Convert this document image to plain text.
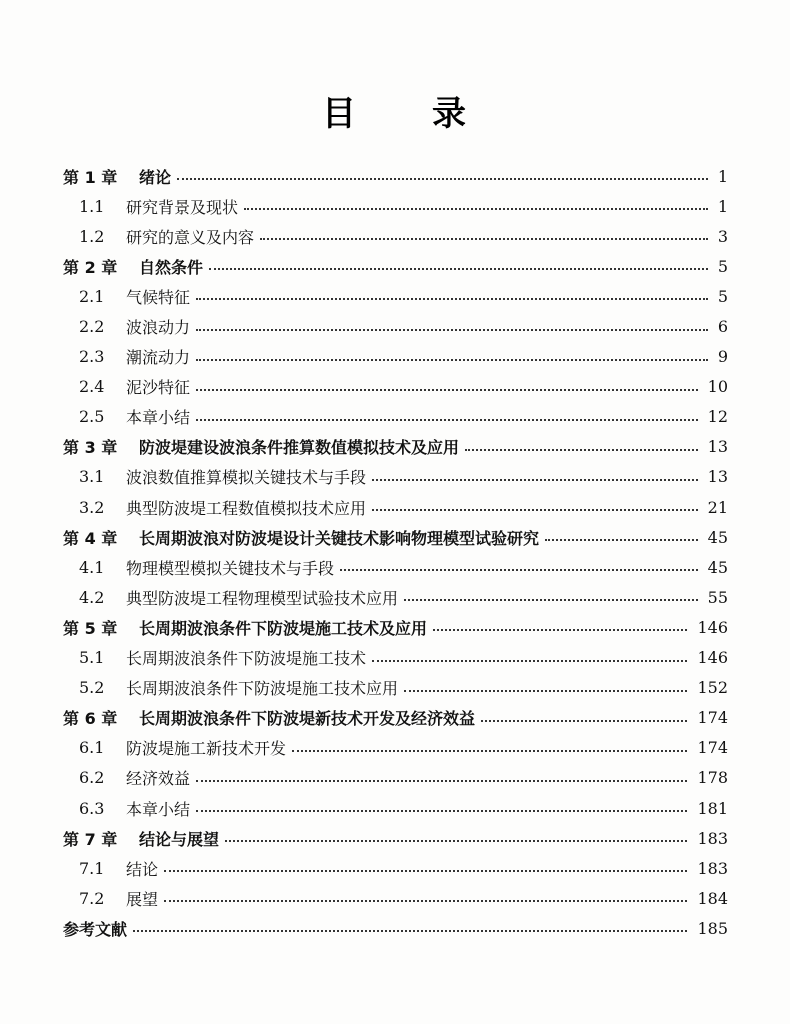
目 录
第 1 章	绪论	1
1.1	研究背景及现状	1
1.2	研究的意义及内容	3
第 2 章	自然条件	5
2.1	气候特征	5
2.2	波浪动力	6
2.3	潮流动力	9
2.4	泥沙特征	10
2.5	本章小结	12
第 3 章	防波堤建设波浪条件推算数值模拟技术及应用	13
3.1	波浪数值推算模拟关键技术与手段	13
3.2	典型防波堤工程数值模拟技术应用	21
第 4 章	长周期波浪对防波堤设计关键技术影响物理模型试验研究	45
4.1	物理模型模拟关键技术与手段	45
4.2	典型防波堤工程物理模型试验技术应用	55
第 5 章	长周期波浪条件下防波堤施工技术及应用	146
5.1	长周期波浪条件下防波堤施工技术	146
5.2	长周期波浪条件下防波堤施工技术应用	152
第 6 章	长周期波浪条件下防波堤新技术开发及经济效益	174
6.1	防波堤施工新技术开发	174
6.2	经济效益	178
6.3	本章小结	181
第 7 章	结论与展望	183
7.1	结论	183
7.2	展望	184
参考文献	185
